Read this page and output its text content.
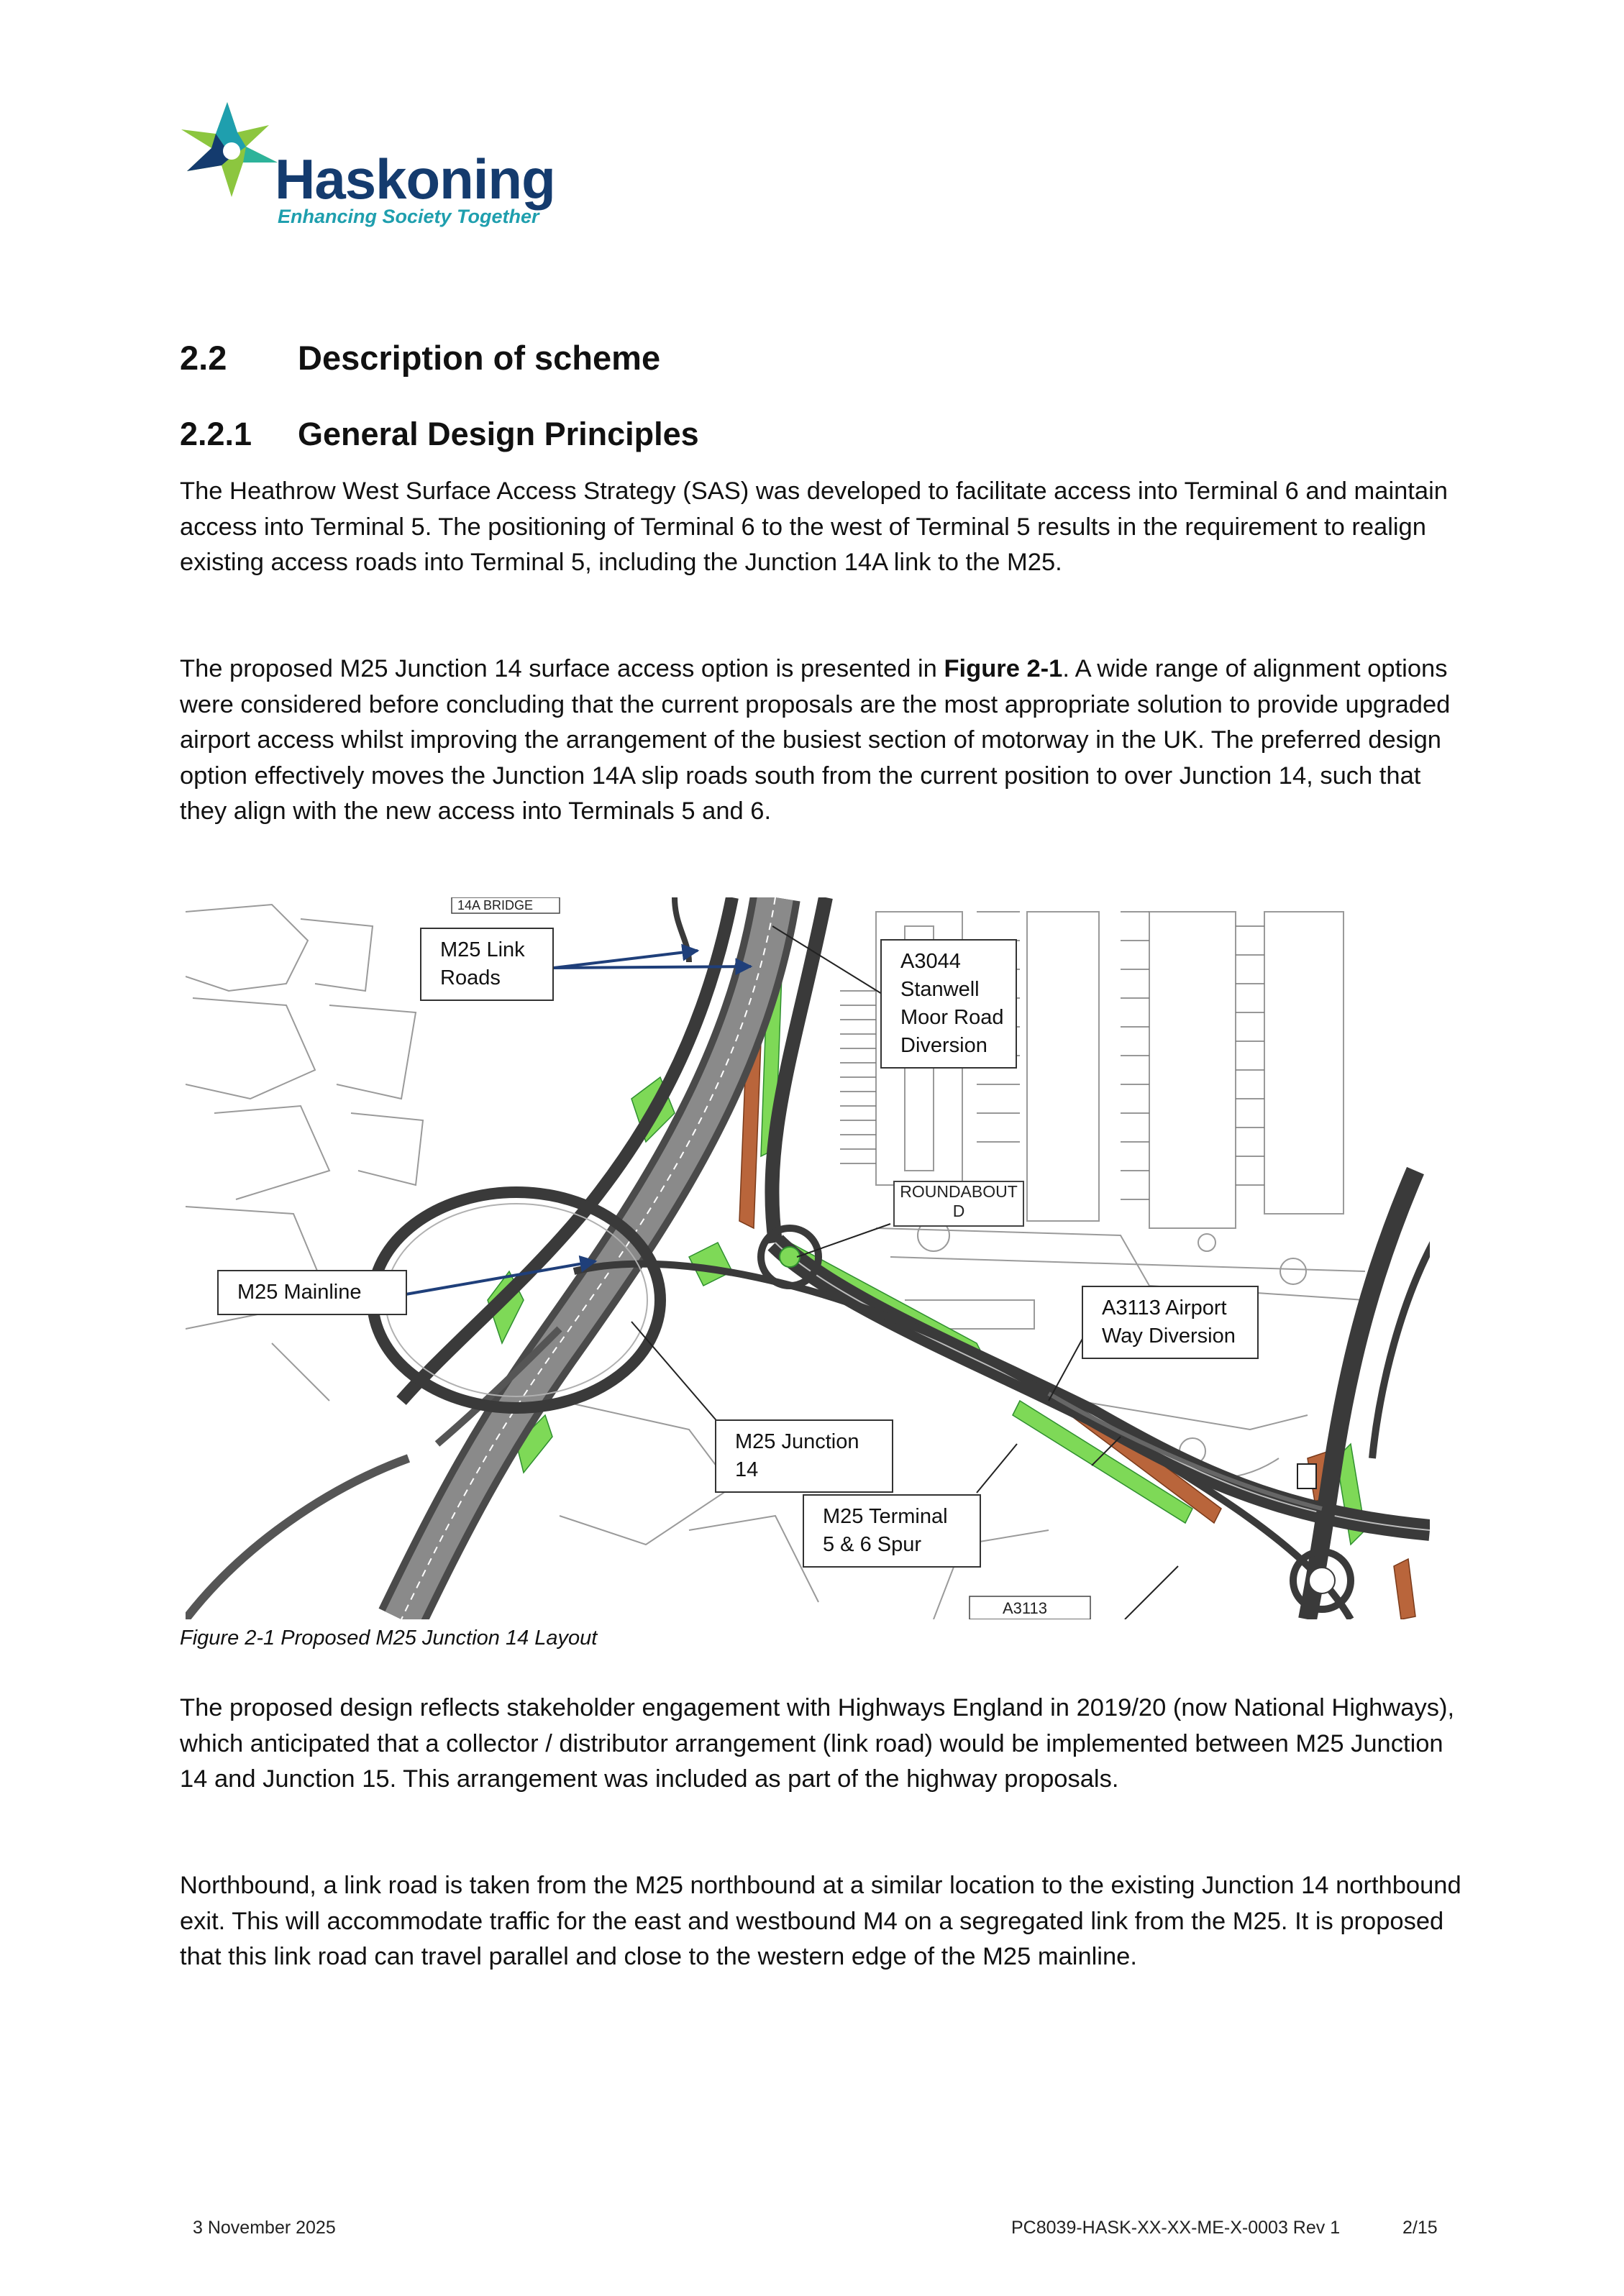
Haskoning
Enhancing Society Together
2.2 Description of scheme
2.2.1 General Design Principles
The Heathrow West Surface Access Strategy (SAS) was developed to facilitate access into Terminal 6 and maintain access into Terminal 5. The positioning of Terminal 6 to the west of Terminal 5 results in the requirement to realign existing access roads into Terminal 5, including the Junction 14A link to the M25.
The proposed M25 Junction 14 surface access option is presented in Figure 2-1. A wide range of alignment options were considered before concluding that the current proposals are the most appropriate solution to provide upgraded airport access whilst improving the arrangement of the busiest section of motorway in the UK. The preferred design option effectively moves the Junction 14A slip roads south from the current position to over Junction 14, such that they align with the new access into Terminals 5 and 6.
14A BRIDGE
A3113
ROUNDABOUT
D
M25 Link
Roads
A3044
Stanwell
Moor Road
Diversion
M25 Mainline
A3113 Airport
Way Diversion
M25 Junction
14
M25 Terminal
5 & 6 Spur
Figure 2-1 Proposed M25 Junction 14 Layout
The proposed design reflects stakeholder engagement with Highways England in 2019/20 (now National Highways), which anticipated that a collector / distributor arrangement (link road) would be implemented between M25 Junction 14 and Junction 15. This arrangement was included as part of the highway proposals.
Northbound, a link road is taken from the M25 northbound at a similar location to the existing Junction 14 northbound exit. This will accommodate traffic for the east and westbound M4 on a segregated link from the M25. It is proposed that this link road can travel parallel and close to the western edge of the M25 mainline.
3 November 2025	PC8039-HASK-XX-XX-ME-X-0003 Rev 1	2/15
